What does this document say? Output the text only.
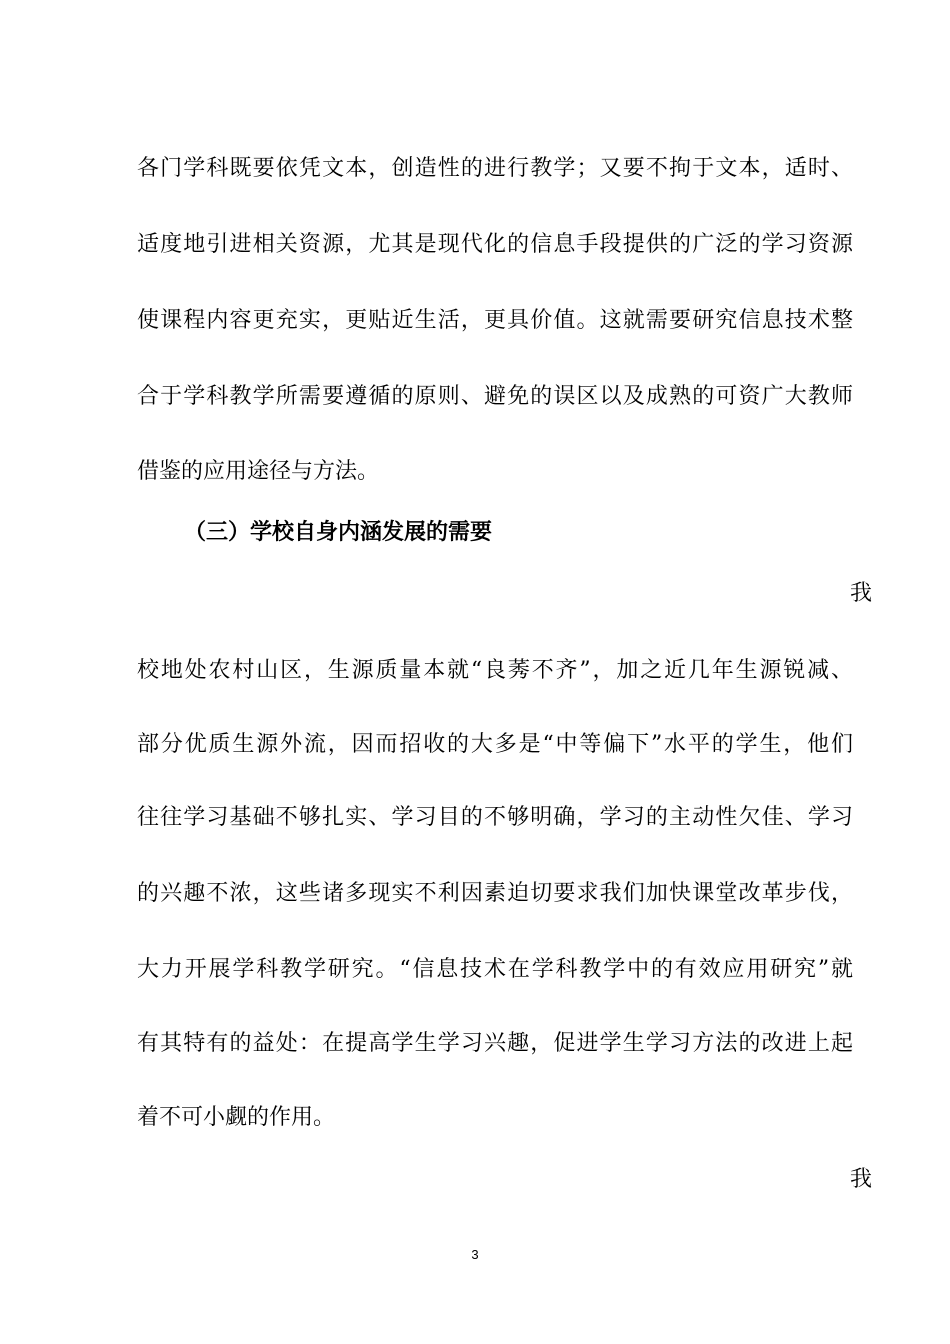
各门学科既要依凭文本，创造性的进行教学；又要不拘于文本，适时、
适度地引进相关资源，尤其是现代化的信息手段提供的广泛的学习资源
使课程内容更充实，更贴近生活，更具价值。这就需要研究信息技术整
合于学科教学所需要遵循的原则、避免的误区以及成熟的可资广大教师
借鉴的应用途径与方法。
（三）学校自身内涵发展的需要
我
校地处农村山区，生源质量本就“良莠不齐”，加之近几年生源锐减、
部分优质生源外流，因而招收的大多是“中等偏下”水平的学生，他们
往往学习基础不够扎实、学习目的不够明确，学习的主动性欠佳、学习
的兴趣不浓，这些诸多现实不利因素迫切要求我们加快课堂改革步伐，
大力开展学科教学研究。“信息技术在学科教学中的有效应用研究”就
有其特有的益处：在提高学生学习兴趣，促进学生学习方法的改进上起
着不可小觑的作用。
我
3
